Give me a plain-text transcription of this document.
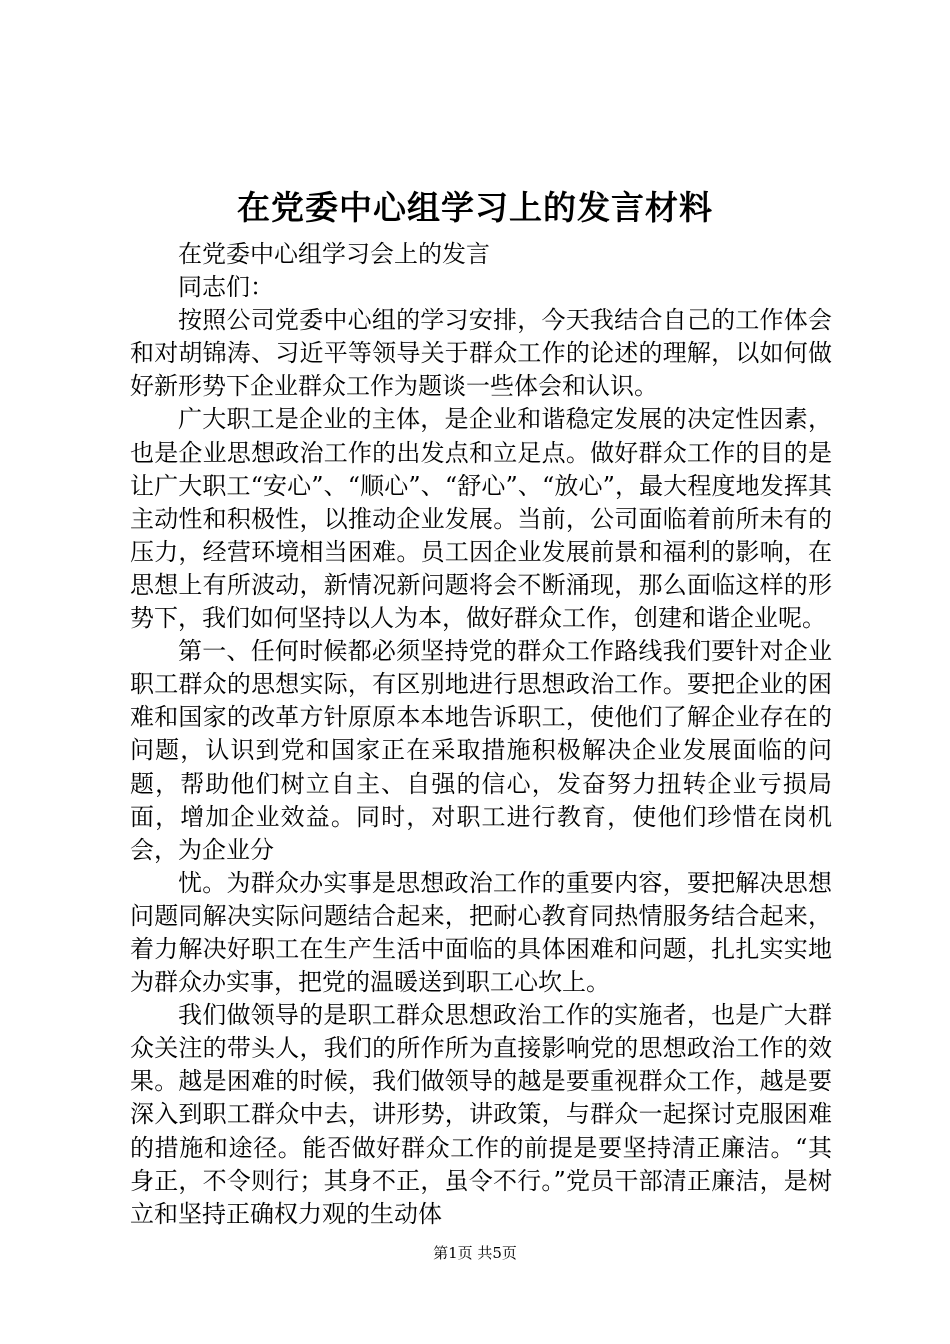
在党委中心组学习上的发言材料

在党委中心组学习会上的发言

同志们：

按照公司党委中心组的学习安排，今天我结合自己的工作体会和对胡锦涛、习近平等领导关于群众工作的论述的理解，以如何做好新形势下企业群众工作为题谈一些体会和认识。

广大职工是企业的主体，是企业和谐稳定发展的决定性因素，也是企业思想政治工作的出发点和立足点。做好群众工作的目的是让广大职工“安心”、“顺心”、“舒心”、“放心”，最大程度地发挥其主动性和积极性，以推动企业发展。当前，公司面临着前所未有的压力，经营环境相当困难。员工因企业发展前景和福利的影响，在思想上有所波动，新情况新问题将会不断涌现，那么面临这样的形势下，我们如何坚持以人为本，做好群众工作，创建和谐企业呢。

第一、任何时候都必须坚持党的群众工作路线我们要针对企业职工群众的思想实际，有区别地进行思想政治工作。要把企业的困难和国家的改革方针原原本本地告诉职工，使他们了解企业存在的问题，认识到党和国家正在采取措施积极解决企业发展面临的问题，帮助他们树立自主、自强的信心，发奋努力扭转企业亏损局面，增加企业效益。同时，对职工进行教育，使他们珍惜在岗机会，为企业分

忧。为群众办实事是思想政治工作的重要内容，要把解决思想问题同解决实际问题结合起来，把耐心教育同热情服务结合起来，着力解决好职工在生产生活中面临的具体困难和问题，扎扎实实地为群众办实事，把党的温暖送到职工心坎上。

我们做领导的是职工群众思想政治工作的实施者，也是广大群众关注的带头人，我们的所作所为直接影响党的思想政治工作的效果。越是困难的时候，我们做领导的越是要重视群众工作，越是要深入到职工群众中去，讲形势，讲政策，与群众一起探讨克服困难的措施和途径。能否做好群众工作的前提是要坚持清正廉洁。“其身正，不令则行；其身不正，虽令不行。”党员干部清正廉洁，是树立和坚持正确权力观的生动体

第1页 共5页
